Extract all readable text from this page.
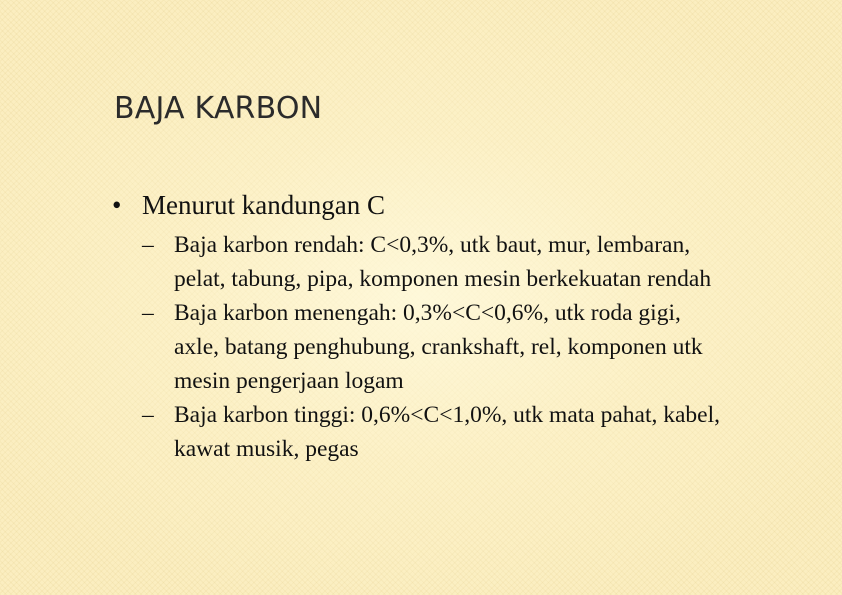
BAJA KARBON
• Menurut kandungan C
– Baja karbon rendah: C<0,3%, utk baut, mur, lembaran, pelat, tabung, pipa, komponen mesin berkekuatan rendah
– Baja karbon menengah: 0,3%<C<0,6%, utk roda gigi, axle, batang penghubung, crankshaft, rel, komponen utk mesin pengerjaan logam
– Baja karbon tinggi: 0,6%<C<1,0%, utk mata pahat, kabel, kawat musik, pegas
